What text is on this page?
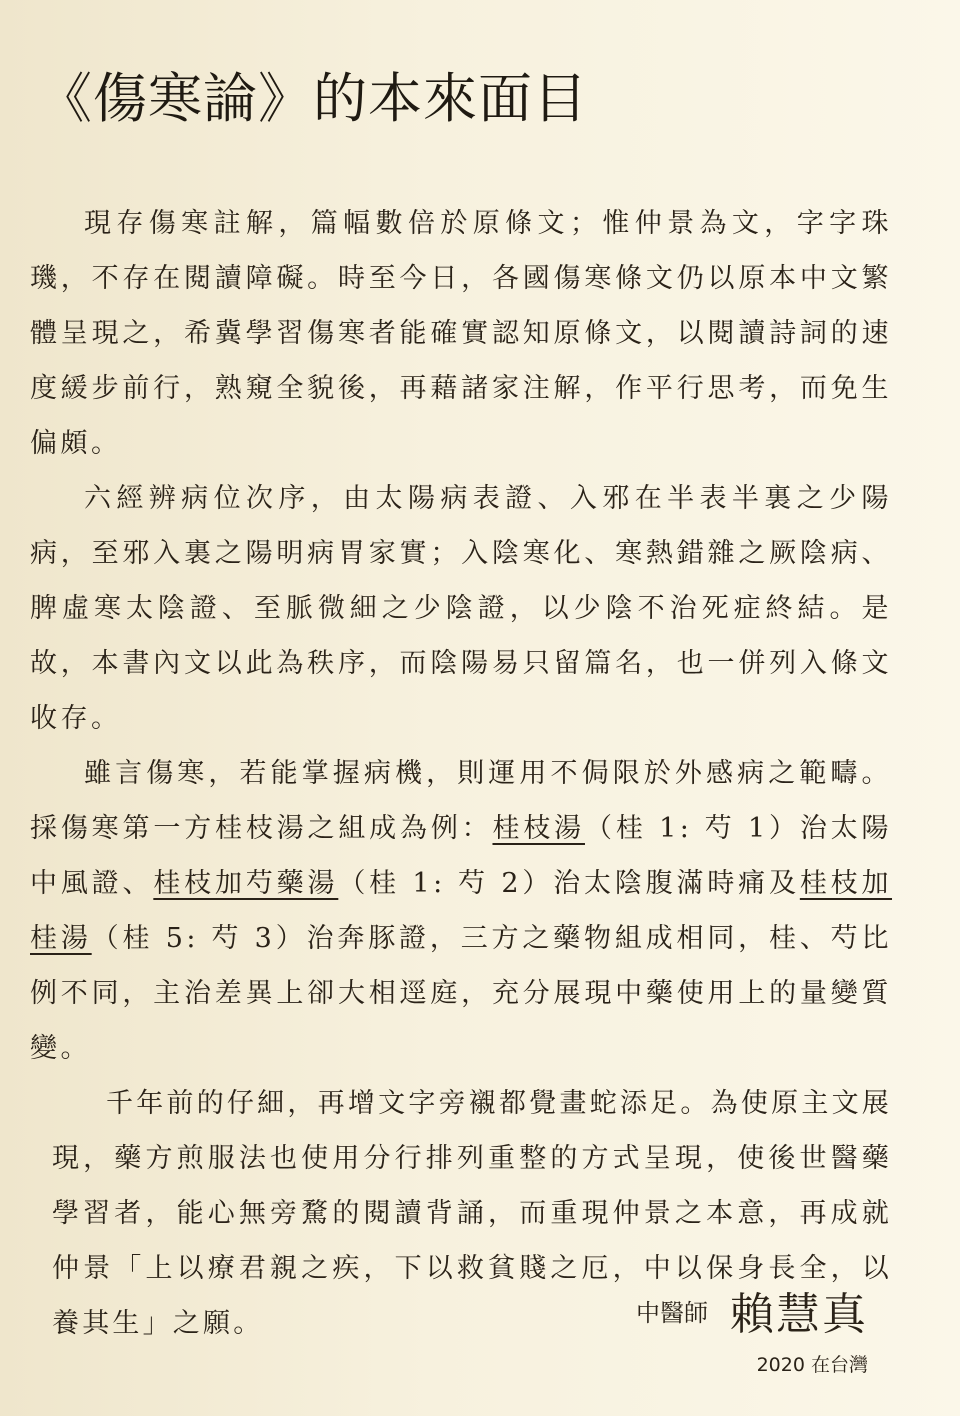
《傷寒論》的本來面目

現存傷寒註解，篇幅數倍於原條文；惟仲景為文，字字珠璣，不存在閱讀障礙。時至今日，各國傷寒條文仍以原本中文繁體呈現之，希冀學習傷寒者能確實認知原條文，以閱讀詩詞的速度緩步前行，熟窺全貌後，再藉諸家注解，作平行思考，而免生偏頗。

六經辨病位次序，由太陽病表證、入邪在半表半裏之少陽病，至邪入裏之陽明病胃家實；入陰寒化、寒熱錯雜之厥陰病、脾虛寒太陰證、至脈微細之少陰證，以少陰不治死症終結。是故，本書內文以此為秩序，而陰陽易只留篇名，也一併列入條文收存。

雖言傷寒，若能掌握病機，則運用不侷限於外感病之範疇。採傷寒第一方桂枝湯之組成為例：桂枝湯（桂 1: 芍 1）治太陽中風證、桂枝加芍藥湯（桂 1: 芍 2）治太陰腹滿時痛及桂枝加桂湯（桂 5: 芍 3）治奔豚證，三方之藥物組成相同，桂、芍比例不同，主治差異上卻大相逕庭，充分展現中藥使用上的量變質變。

千年前的仔細，再增文字旁襯都覺畫蛇添足。為使原主文展現，藥方煎服法也使用分行排列重整的方式呈現，使後世醫藥學習者，能心無旁騖的閱讀背誦，而重現仲景之本意，再成就仲景「上以療君親之疾，下以救貧賤之厄，中以保身長全，以養其生」之願。	中醫師 賴慧真
2020 在台灣
